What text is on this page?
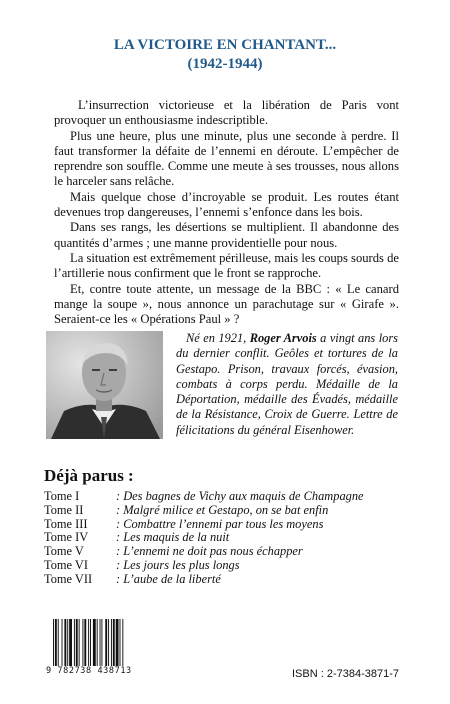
LA VICTOIRE EN CHANTANT...
(1942-1944)

L’insurrection victorieuse et la libération de Paris vont provoquer un enthousiasme indescriptible.

Plus une heure, plus une minute, plus une seconde à perdre. Il faut transformer la défaite de l’ennemi en déroute. L’empêcher de reprendre son souffle. Comme une meute à ses trousses, nous allons le harceler sans relâche.

Mais quelque chose d’incroyable se produit. Les routes étant devenues trop dangereuses, l’ennemi s’enfonce dans les bois.

Dans ses rangs, les désertions se multiplient. Il abandonne des quantités d’armes ; une manne providentielle pour nous.

La situation est extrêmement périlleuse, mais les coups sourds de l’artillerie nous confirment que le front se rapproche.

Et, contre toute attente, un message de la BBC : « Le canard mange la soupe », nous annonce un parachutage sur « Girafe ». Seraient-ce les « Opérations Paul » ?

Né en 1921, Roger Arvois a vingt ans lors du dernier conflit. Geôles et tortures de la Gestapo. Prison, travaux forcés, évasion, combats à corps perdu. Médaille de la Déportation, médaille des Évadés, médaille de la Résistance, Croix de Guerre. Lettre de félicitations du général Eisenhower.

Déjà parus :
Tome I	: Des bagnes de Vichy aux maquis de Champagne
Tome II	: Malgré milice et Gestapo, on se bat enfin
Tome III	: Combattre l’ennemi par tous les moyens
Tome IV	: Les maquis de la nuit
Tome V	: L’ennemi ne doit pas nous échapper
Tome VI	: Les jours les plus longs
Tome VII	: L’aube de la liberté
9 782738 438713	ISBN : 2-7384-3871-7
